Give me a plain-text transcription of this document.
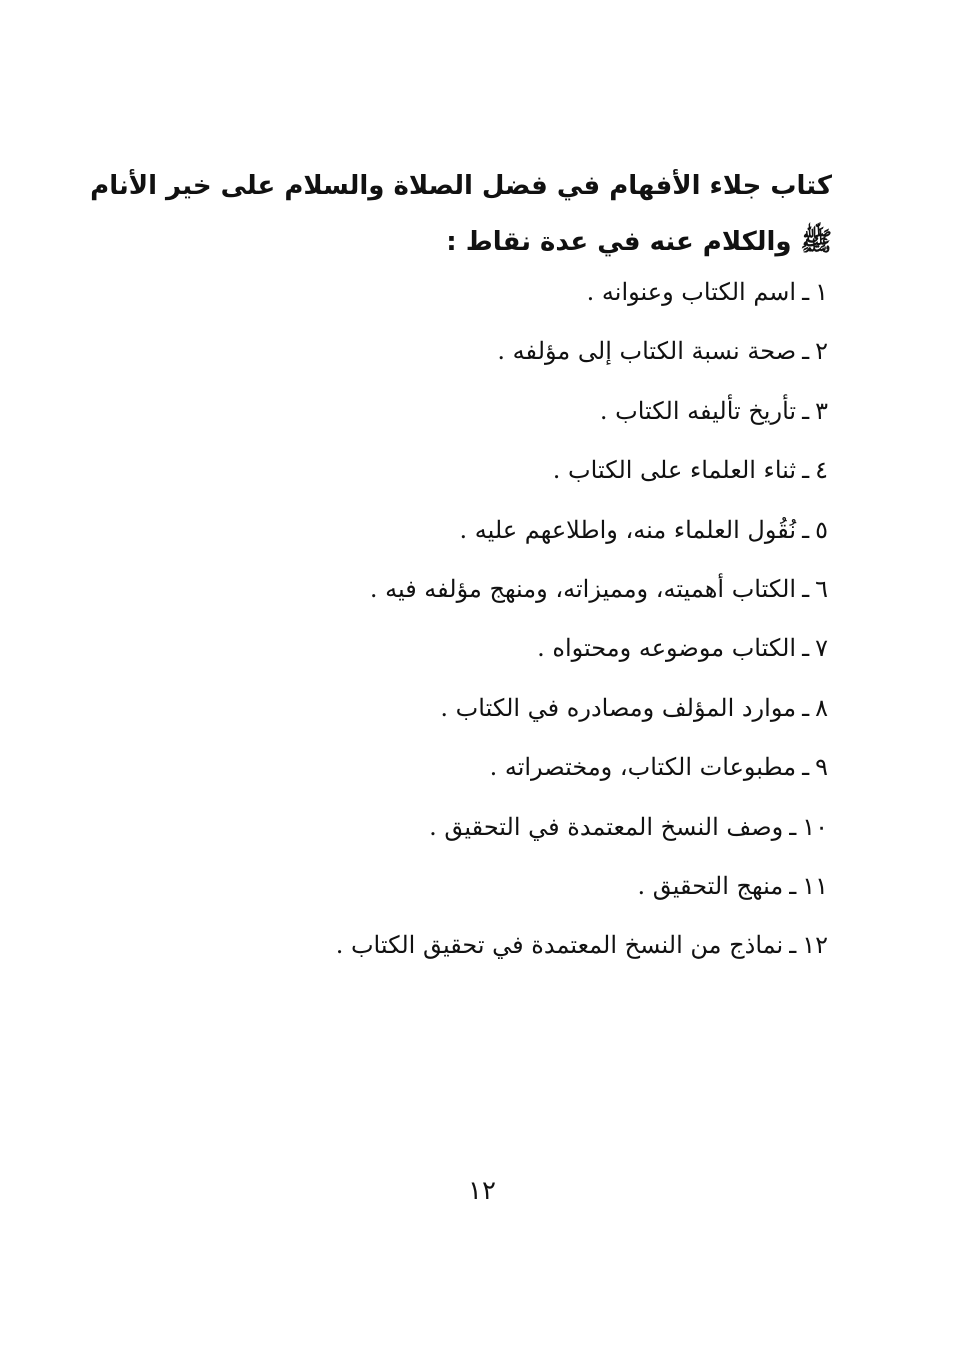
كتاب جلاء الأفهام في فضل الصلاة والسلام على خير الأنام
ﷺ والكلام عنه في عدة نقاط :
١ـاسم الكتاب وعنوانه .
٢ـصحة نسبة الكتاب إلى مؤلفه .
٣ـتأريخ تأليفه الكتاب .
٤ـثناء العلماء على الكتاب .
٥ـنُقُول العلماء منه، واطلاعهم عليه .
٦ـالكتاب أهميته، ومميزاته، ومنهج مؤلفه فيه .
٧ـالكتاب موضوعه ومحتواه .
٨ـموارد المؤلف ومصادره في الكتاب .
٩ـمطبوعات الكتاب، ومختصراته .
١٠ـوصف النسخ المعتمدة في التحقيق .
١١ـمنهج التحقيق .
١٢ـنماذج من النسخ المعتمدة في تحقيق الكتاب .
١٢
